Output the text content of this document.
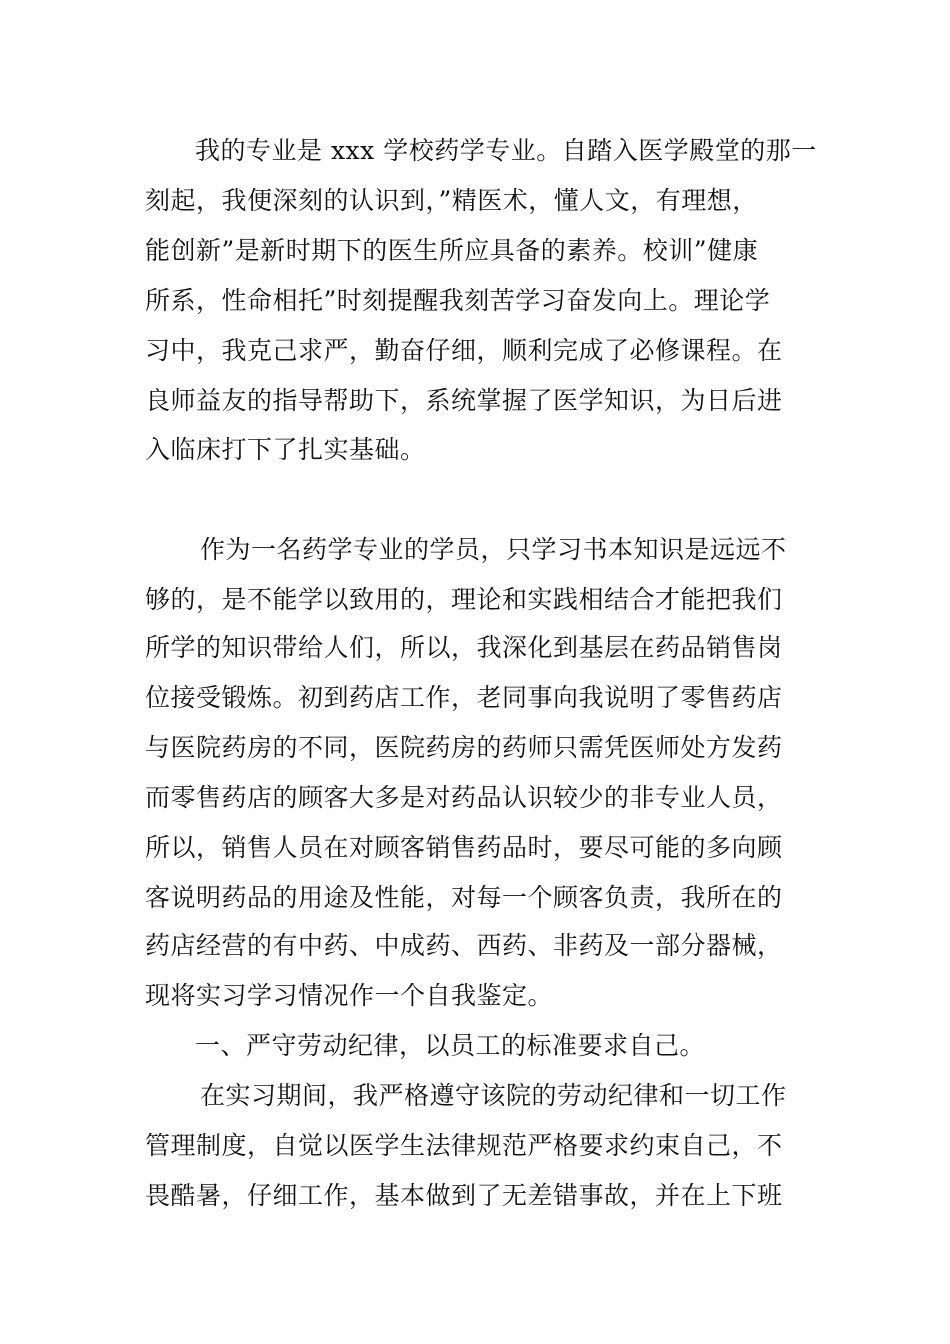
我的专业是 xxx 学校药学专业。自踏入医学殿堂的那一
刻起，我便深刻的认识到，”精医术，懂人文，有理想，
能创新”是新时期下的医生所应具备的素养。校训”健康
所系，性命相托”时刻提醒我刻苦学习奋发向上。理论学
习中，我克己求严，勤奋仔细，顺利完成了必修课程。在
良师益友的指导帮助下，系统掌握了医学知识，为日后进
入临床打下了扎实基础。
作为一名药学专业的学员，只学习书本知识是远远不
够的，是不能学以致用的，理论和实践相结合才能把我们
所学的知识带给人们，所以，我深化到基层在药品销售岗
位接受锻炼。初到药店工作，老同事向我说明了零售药店
与医院药房的不同，医院药房的药师只需凭医师处方发药
而零售药店的顾客大多是对药品认识较少的非专业人员，
所以，销售人员在对顾客销售药品时，要尽可能的多向顾
客说明药品的用途及性能，对每一个顾客负责，我所在的
药店经营的有中药、中成药、西药、非药及一部分器械，
现将实习学习情况作一个自我鉴定。
一、严守劳动纪律，以员工的标准要求自己。
在实习期间，我严格遵守该院的劳动纪律和一切工作
管理制度，自觉以医学生法律规范严格要求约束自己，不
畏酷暑，仔细工作，基本做到了无差错事故，并在上下班
